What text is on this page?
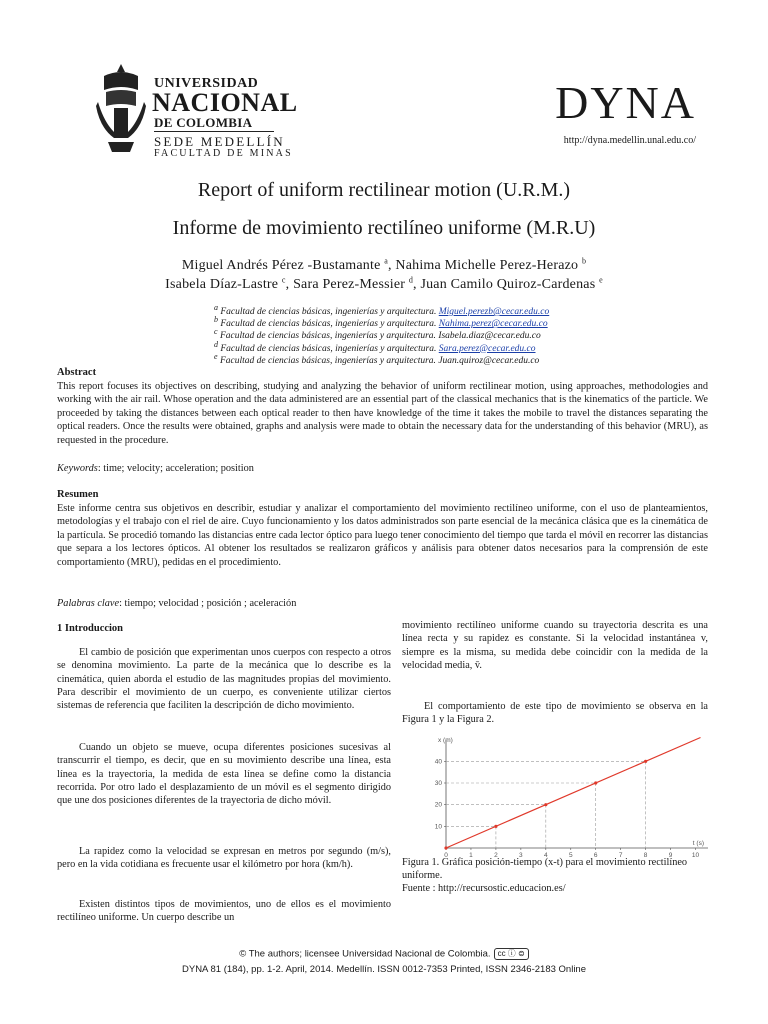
UNIVERSIDAD
NACIONAL
DE COLOMBIA
SEDE MEDELLÍN
FACULTAD DE MINAS
DYNA
http://dyna.medellin.unal.edu.co/
Report of uniform rectilinear motion (U.R.M.)
Informe de movimiento rectilíneo uniforme (M.R.U)
Miguel Andrés Pérez -Bustamante $^a$, Nahima Michelle Perez-Herazo $^b$
Isabela Díaz-Lastre $^c$, Sara Perez-Messier $^d$, Juan Camilo Quiroz-Cardenas $^e$
$^a$ Facultad de ciencias básicas, ingenierías y arquitectura. Miguel.perezb@cecar.edu.co
$^b$ Facultad de ciencias básicas, ingenierías y arquitectura. Nahima.perez@cecar.edu.co
$^c$ Facultad de ciencias básicas, ingenierías y arquitectura. Isabela.diaz@cecar.edu.co
$^d$ Facultad de ciencias básicas, ingenierías y arquitectura. Sara.perez@cecar.edu.co
$^e$ Facultad de ciencias básicas, ingenierías y arquitectura. Juan.quiroz@cecar.edu.co
Abstract
This report focuses its objectives on describing, studying and analyzing the behavior of uniform rectilinear motion, using approaches, methodologies and working with the air rail. Whose operation and the data administered are an essential part of the classical mechanics that is the kinematics of the particle. We proceeded by taking the distances between each optical reader to then have knowledge of the time it takes the mobile to travel the distances separating the optical readers. Once the results were obtained, graphs and analysis were made to obtain the necessary data for the understanding of this behavior (MRU), as requested in the procedure.
Keywords: time; velocity; acceleration; position
Resumen
Este informe centra sus objetivos en describir, estudiar y analizar el comportamiento del movimiento rectilíneo uniforme, con el uso de planteamientos, metodologías y el trabajo con el riel de aire. Cuyo funcionamiento y los datos administrados son parte esencial de la mecánica clásica que es la cinemática de la partícula. Se procedió tomando las distancias entre cada lector óptico para luego tener conocimiento del tiempo que tarda el móvil en recorrer las distancias que separa a los lectores ópticos. Al obtener los resultados se realizaron gráficos y análisis para obtener datos necesarios para la comprensión de este comportamiento (MRU), pedidas en el procedimiento.
Palabras clave: tiempo; velocidad ; posición ; aceleración
1 Introduccion
El cambio de posición que experimentan unos cuerpos con respecto a otros se denomina movimiento. La parte de la mecánica que lo describe es la cinemática, quien aborda el estudio de las magnitudes propias del movimiento. Para describir el movimiento de un cuerpo, es conveniente utilizar ciertos sistemas de referencia que faciliten la descripción de dicho movimiento.
Cuando un objeto se mueve, ocupa diferentes posiciones sucesivas al transcurrir el tiempo, es decir, que en su movimiento describe una línea, esta línea es la trayectoria, la medida de esta línea se define como la distancia recorrida. Por otro lado el desplazamiento de un móvil es el segmento dirigido que une dos posiciones diferentes de la trayectoria de dicho móvil.
La rapidez como la velocidad se expresan en metros por segundo (m/s), pero en la vida cotidiana es frecuente usar el kilómetro por hora (km/h).
Existen distintos tipos de movimientos, uno de ellos es el movimiento rectilíneo uniforme. Un cuerpo describe un
movimiento rectilíneo uniforme cuando su trayectoria descrita es una línea recta y su rapidez es constante. Si la velocidad instantánea v, siempre es la misma, su medida debe coincidir con la medida de la velocidad media, v̄.
El comportamiento de este tipo de movimiento se observa en la Figura 1 y la Figura 2.
10
20
30
40
0	1	2	3	4	5	6	7	8	9	10
x (m)
t (s)
Figura 1. Gráfica posición-tiempo (x-t) para el movimiento rectilíneo uniforme.
Fuente : http://recursostic.educacion.es/
© The authors; licensee Universidad Nacional de Colombia. cc ⓘ ⊜
DYNA 81 (184), pp. 1-2. April, 2014. Medellín. ISSN 0012-7353 Printed, ISSN 2346-2183 Online
